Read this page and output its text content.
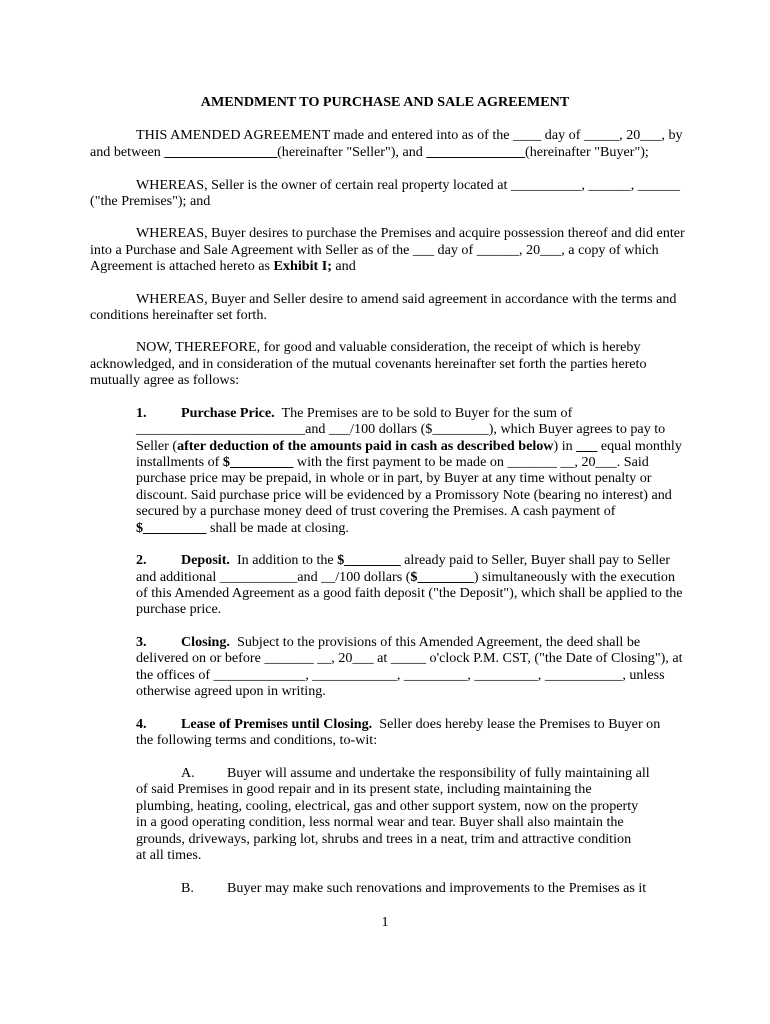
AMENDMENT TO PURCHASE AND SALE AGREEMENT
THIS AMENDED AGREEMENT made and entered into as of the ____ day of _____, 20___, by
and between ________________(hereinafter "Seller"), and ______________(hereinafter "Buyer");
WHEREAS, Seller is the owner of certain real property located at __________, ______, ______
("the Premises"); and
WHEREAS, Buyer desires to purchase the Premises and acquire possession thereof and did enter
into a Purchase and Sale Agreement with Seller as of the ___ day of ______, 20___, a copy of which
Agreement is attached hereto as Exhibit I; and
WHEREAS, Buyer and Seller desire to amend said agreement in accordance with the terms and
conditions hereinafter set forth.
NOW, THEREFORE, for good and valuable consideration, the receipt of which is hereby
acknowledged, and in consideration of the mutual covenants hereinafter set forth the parties hereto
mutually agree as follows:
1. Purchase Price. The Premises are to be sold to Buyer for the sum of
________________________and ___/100 dollars ($________), which Buyer agrees to pay to
Seller (after deduction of the amounts paid in cash as described below) in ___ equal monthly
installments of $_________ with the first payment to be made on _______ __, 20___. Said
purchase price may be prepaid, in whole or in part, by Buyer at any time without penalty or
discount. Said purchase price will be evidenced by a Promissory Note (bearing no interest) and
secured by a purchase money deed of trust covering the Premises. A cash payment of
$_________ shall be made at closing.
2. Deposit. In addition to the $________ already paid to Seller, Buyer shall pay to Seller
and additional ___________and __/100 dollars ($________) simultaneously with the execution
of this Amended Agreement as a good faith deposit ("the Deposit"), which shall be applied to the
purchase price.
3. Closing. Subject to the provisions of this Amended Agreement, the deed shall be
delivered on or before _______ __, 20___ at _____ o'clock P.M. CST, ("the Date of Closing"), at
the offices of _____________, ____________, _________, _________, ___________, unless
otherwise agreed upon in writing.
4. Lease of Premises until Closing. Seller does hereby lease the Premises to Buyer on
the following terms and conditions, to-wit:
A. Buyer will assume and undertake the responsibility of fully maintaining all
of said Premises in good repair and in its present state, including maintaining the
plumbing, heating, cooling, electrical, gas and other support system, now on the property
in a good operating condition, less normal wear and tear. Buyer shall also maintain the
grounds, driveways, parking lot, shrubs and trees in a neat, trim and attractive condition
at all times.
B. Buyer may make such renovations and improvements to the Premises as it
1
